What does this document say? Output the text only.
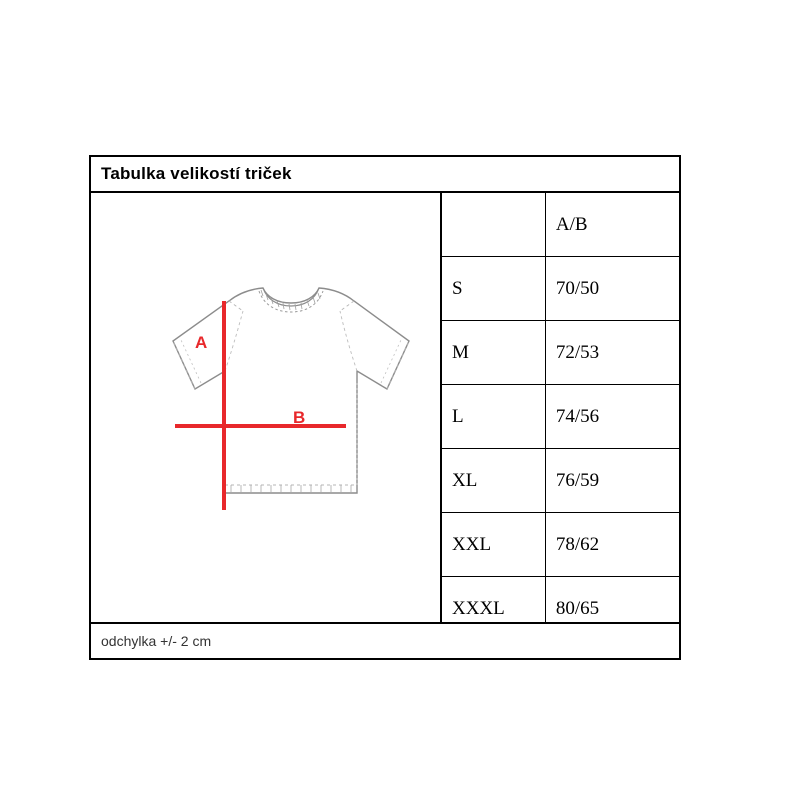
Tabulka velikostí triček
A
B
	A/B
S	70/50
M	72/53
L	74/56
XL	76/59
XXL	78/62
XXXL	80/65
odchylka +/- 2 cm
